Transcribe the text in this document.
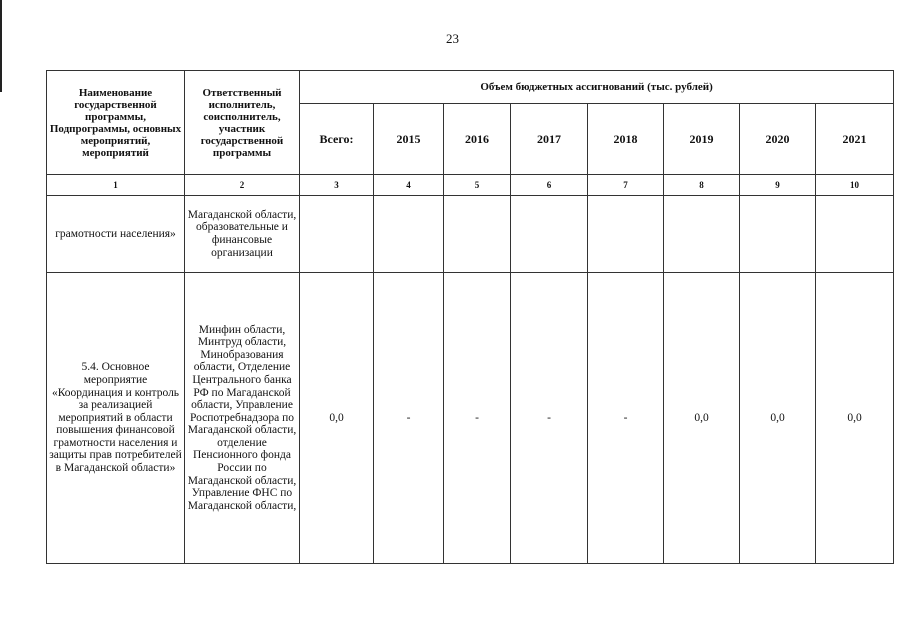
23
Наименование государственной программы, Подпрограммы, основных мероприятий, мероприятий	Ответственный исполнитель, соисполнитель, участник государственной программы	Объем бюджетных ассигнований (тыс. рублей)							
		Всего:	2015	2016	2017	2018	2019	2020	2021
1	2	3	4	5	6	7	8	9	10
грамотности населения»	Магаданской области, образовательные и финансовые организации								
5.4. Основное мероприятие «Координация и контроль за реализацией мероприятий в области повышения финансовой грамотности населения и защиты прав потребителей в Магаданской области»	Минфин области, Минтруд области, Минобразования области, Отделение Центрального банка РФ по Магаданской области, Управление Роспотребнадзора по Магаданской области, отделение Пенсионного фонда России по Магаданской области, Управление ФНС по Магаданской области,	0,0	-	-	-	-	0,0	0,0	0,0
